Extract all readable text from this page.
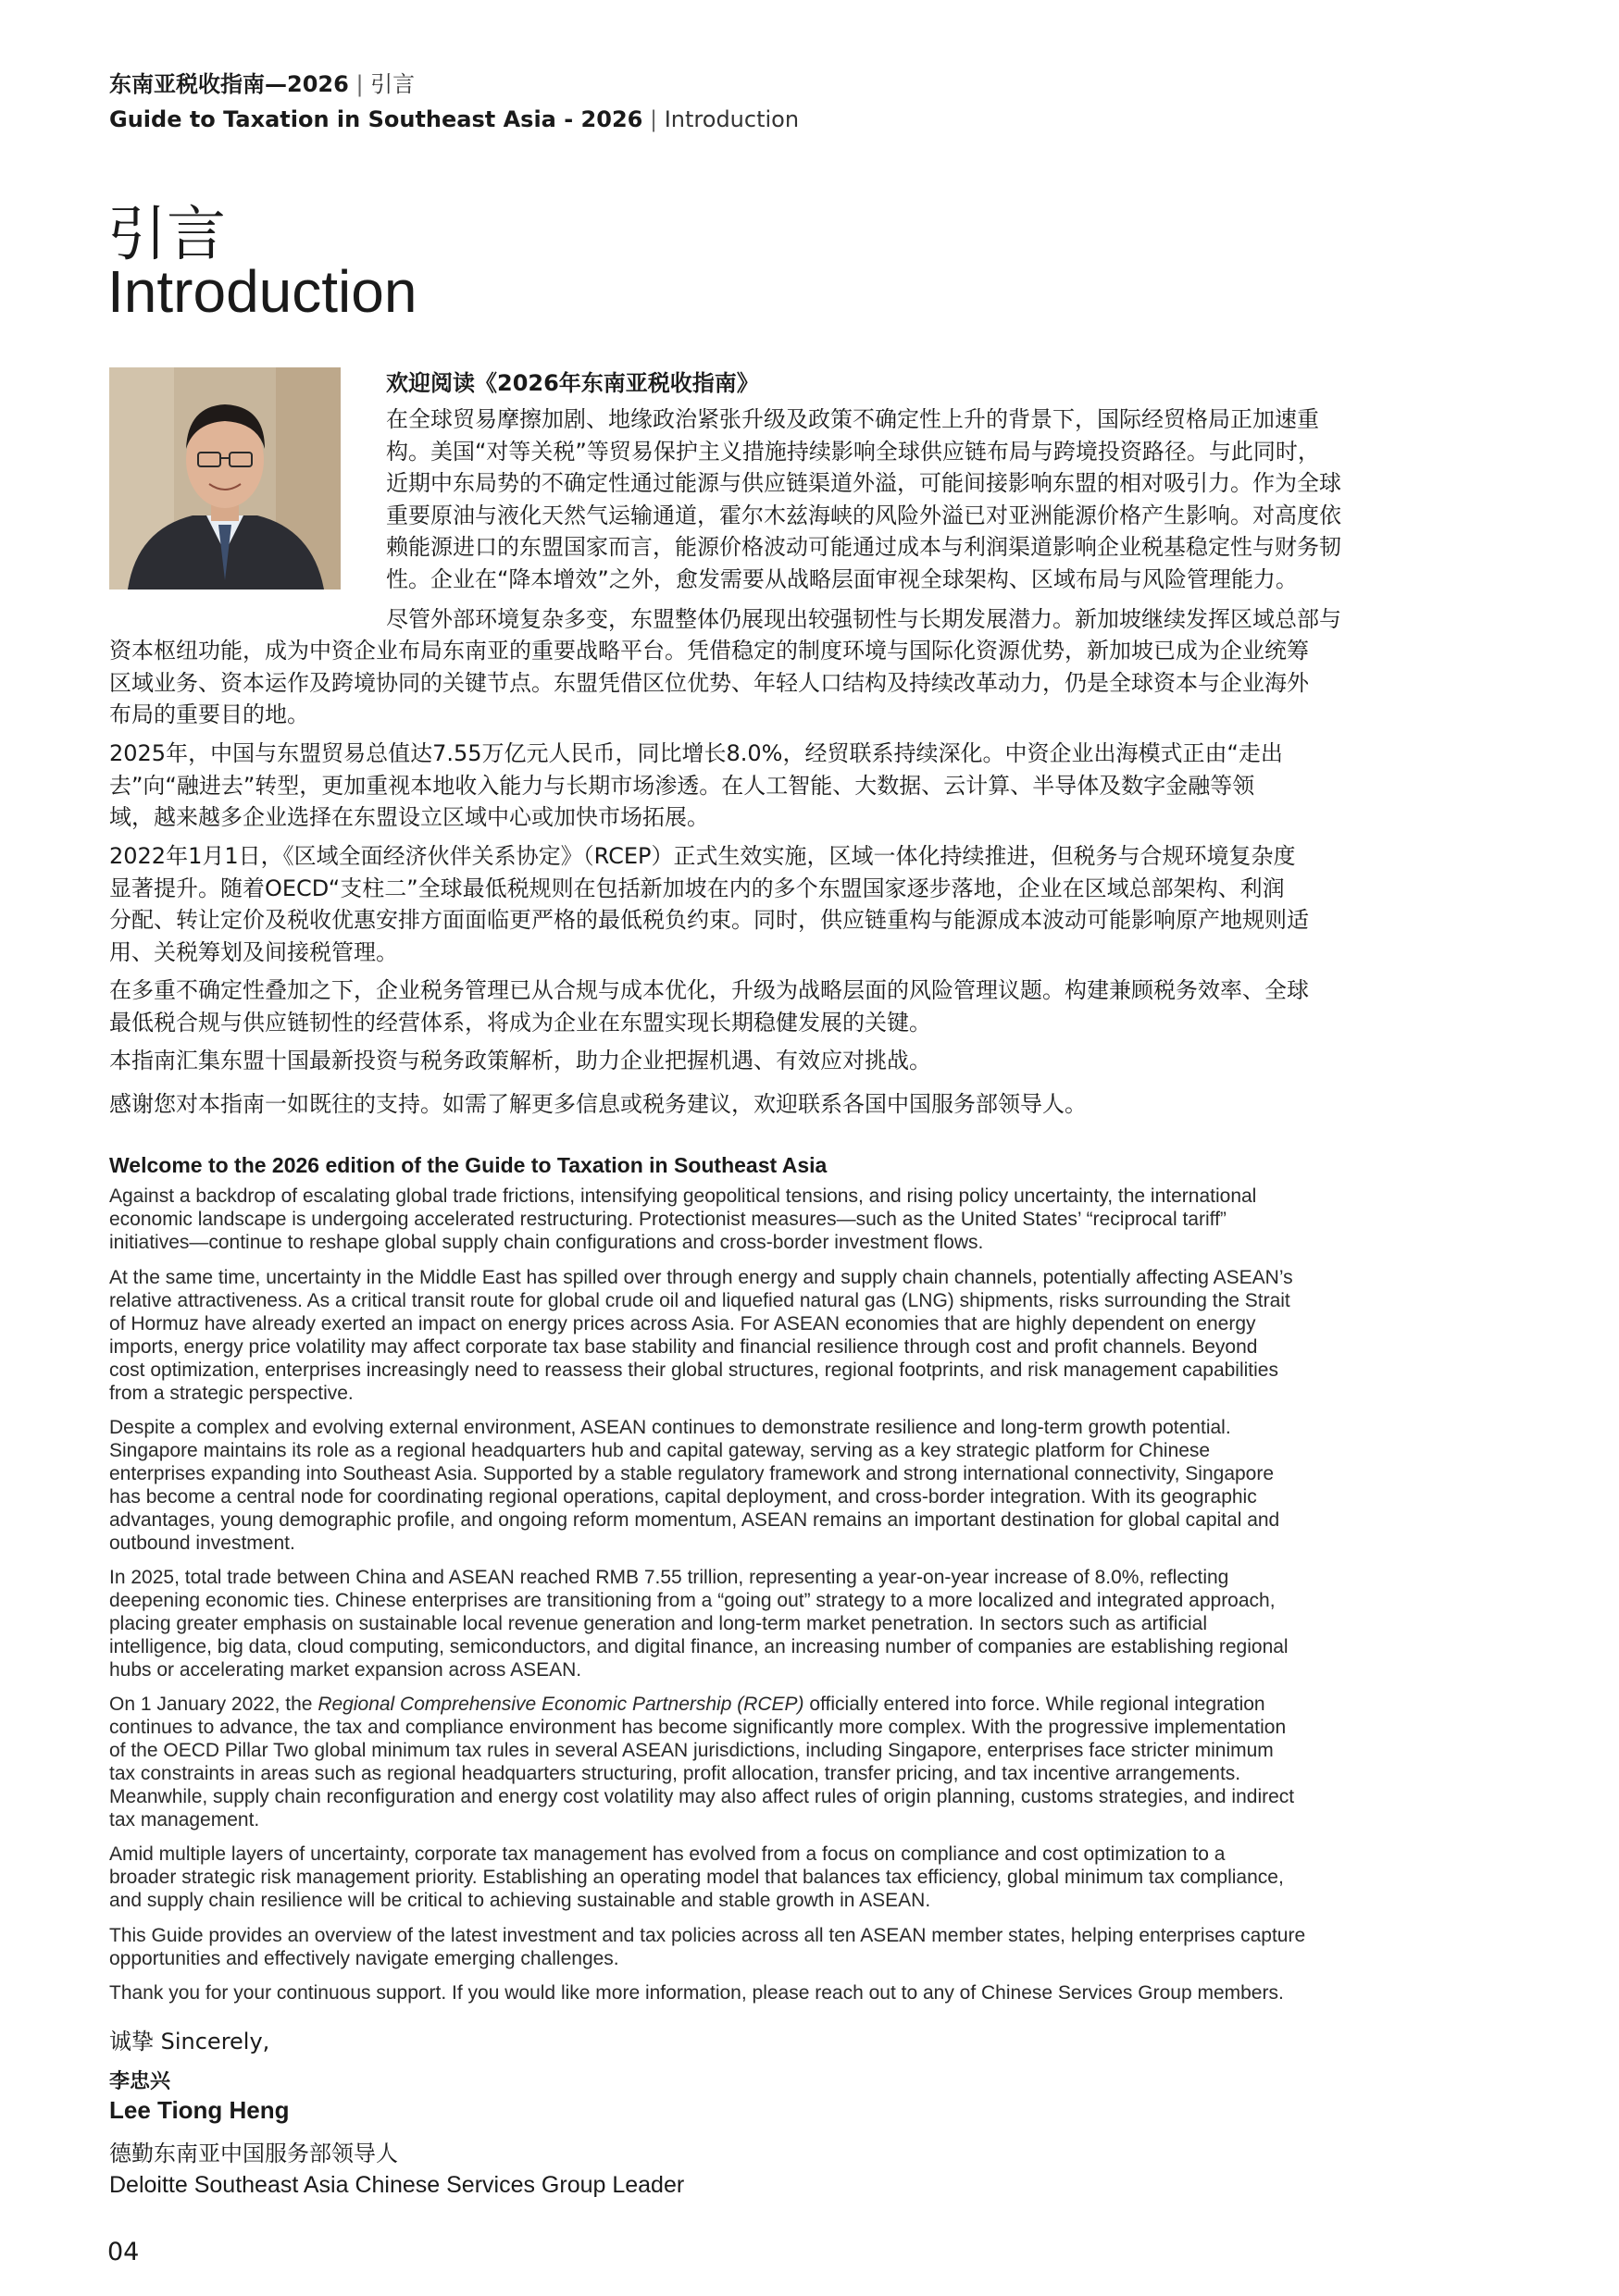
东南亚税收指南—2026 | 引言
Guide to Taxation in Southeast Asia - 2026 | Introduction
引言
Introduction
欢迎阅读《2026年东南亚税收指南》
在全球贸易摩擦加剧、地缘政治紧张升级及政策不确定性上升的背景下，国际经贸格局正加速重
构。美国“对等关税”等贸易保护主义措施持续影响全球供应链布局与跨境投资路径。与此同时，
近期中东局势的不确定性通过能源与供应链渠道外溢，可能间接影响东盟的相对吸引力。作为全球
重要原油与液化天然气运输通道，霍尔木兹海峡的风险外溢已对亚洲能源价格产生影响。对高度依
赖能源进口的东盟国家而言，能源价格波动可能通过成本与利润渠道影响企业税基稳定性与财务韧
性。企业在“降本增效”之外，愈发需要从战略层面审视全球架构、区域布局与风险管理能力。
尽管外部环境复杂多变，东盟整体仍展现出较强韧性与长期发展潜力。新加坡继续发挥区域总部与
资本枢纽功能，成为中资企业布局东南亚的重要战略平台。凭借稳定的制度环境与国际化资源优势，新加坡已成为企业统筹
区域业务、资本运作及跨境协同的关键节点。东盟凭借区位优势、年轻人口结构及持续改革动力，仍是全球资本与企业海外
布局的重要目的地。
2025年，中国与东盟贸易总值达7.55万亿元人民币，同比增长8.0%，经贸联系持续深化。中资企业出海模式正由“走出
去”向“融进去”转型，更加重视本地收入能力与长期市场渗透。在人工智能、大数据、云计算、半导体及数字金融等领
域，越来越多企业选择在东盟设立区域中心或加快市场拓展。
2022年1月1日，《区域全面经济伙伴关系协定》（RCEP）正式生效实施，区域一体化持续推进，但税务与合规环境复杂度
显著提升。随着OECD“支柱二”全球最低税规则在包括新加坡在内的多个东盟国家逐步落地，企业在区域总部架构、利润
分配、转让定价及税收优惠安排方面面临更严格的最低税负约束。同时，供应链重构与能源成本波动可能影响原产地规则适
用、关税筹划及间接税管理。
在多重不确定性叠加之下，企业税务管理已从合规与成本优化，升级为战略层面的风险管理议题。构建兼顾税务效率、全球
最低税合规与供应链韧性的经营体系，将成为企业在东盟实现长期稳健发展的关键。
本指南汇集东盟十国最新投资与税务政策解析，助力企业把握机遇、有效应对挑战。
感谢您对本指南一如既往的支持。如需了解更多信息或税务建议，欢迎联系各国中国服务部领导人。
Welcome to the 2026 edition of the Guide to Taxation in Southeast Asia
Against a backdrop of escalating global trade frictions, intensifying geopolitical tensions, and rising policy uncertainty, the international
economic landscape is undergoing accelerated restructuring. Protectionist measures—such as the United States’ “reciprocal tariff”
initiatives—continue to reshape global supply chain configurations and cross-border investment flows.
At the same time, uncertainty in the Middle East has spilled over through energy and supply chain channels, potentially affecting ASEAN’s
relative attractiveness. As a critical transit route for global crude oil and liquefied natural gas (LNG) shipments, risks surrounding the Strait
of Hormuz have already exerted an impact on energy prices across Asia. For ASEAN economies that are highly dependent on energy
imports, energy price volatility may affect corporate tax base stability and financial resilience through cost and profit channels. Beyond
cost optimization, enterprises increasingly need to reassess their global structures, regional footprints, and risk management capabilities
from a strategic perspective.
Despite a complex and evolving external environment, ASEAN continues to demonstrate resilience and long-term growth potential.
Singapore maintains its role as a regional headquarters hub and capital gateway, serving as a key strategic platform for Chinese
enterprises expanding into Southeast Asia. Supported by a stable regulatory framework and strong international connectivity, Singapore
has become a central node for coordinating regional operations, capital deployment, and cross-border integration. With its geographic
advantages, young demographic profile, and ongoing reform momentum, ASEAN remains an important destination for global capital and
outbound investment.
In 2025, total trade between China and ASEAN reached RMB 7.55 trillion, representing a year-on-year increase of 8.0%, reflecting
deepening economic ties. Chinese enterprises are transitioning from a “going out” strategy to a more localized and integrated approach,
placing greater emphasis on sustainable local revenue generation and long-term market penetration. In sectors such as artificial
intelligence, big data, cloud computing, semiconductors, and digital finance, an increasing number of companies are establishing regional
hubs or accelerating market expansion across ASEAN.
On 1 January 2022, the Regional Comprehensive Economic Partnership (RCEP) officially entered into force. While regional integration
continues to advance, the tax and compliance environment has become significantly more complex. With the progressive implementation
of the OECD Pillar Two global minimum tax rules in several ASEAN jurisdictions, including Singapore, enterprises face stricter minimum
tax constraints in areas such as regional headquarters structuring, profit allocation, transfer pricing, and tax incentive arrangements.
Meanwhile, supply chain reconfiguration and energy cost volatility may also affect rules of origin planning, customs strategies, and indirect
tax management.
Amid multiple layers of uncertainty, corporate tax management has evolved from a focus on compliance and cost optimization to a
broader strategic risk management priority. Establishing an operating model that balances tax efficiency, global minimum tax compliance,
and supply chain resilience will be critical to achieving sustainable and stable growth in ASEAN.
This Guide provides an overview of the latest investment and tax policies across all ten ASEAN member states, helping enterprises capture
opportunities and effectively navigate emerging challenges.
Thank you for your continuous support. If you would like more information, please reach out to any of Chinese Services Group members.
诚挚 Sincerely,
李忠兴
Lee Tiong Heng
德勤东南亚中国服务部领导人
Deloitte Southeast Asia Chinese Services Group Leader
04
